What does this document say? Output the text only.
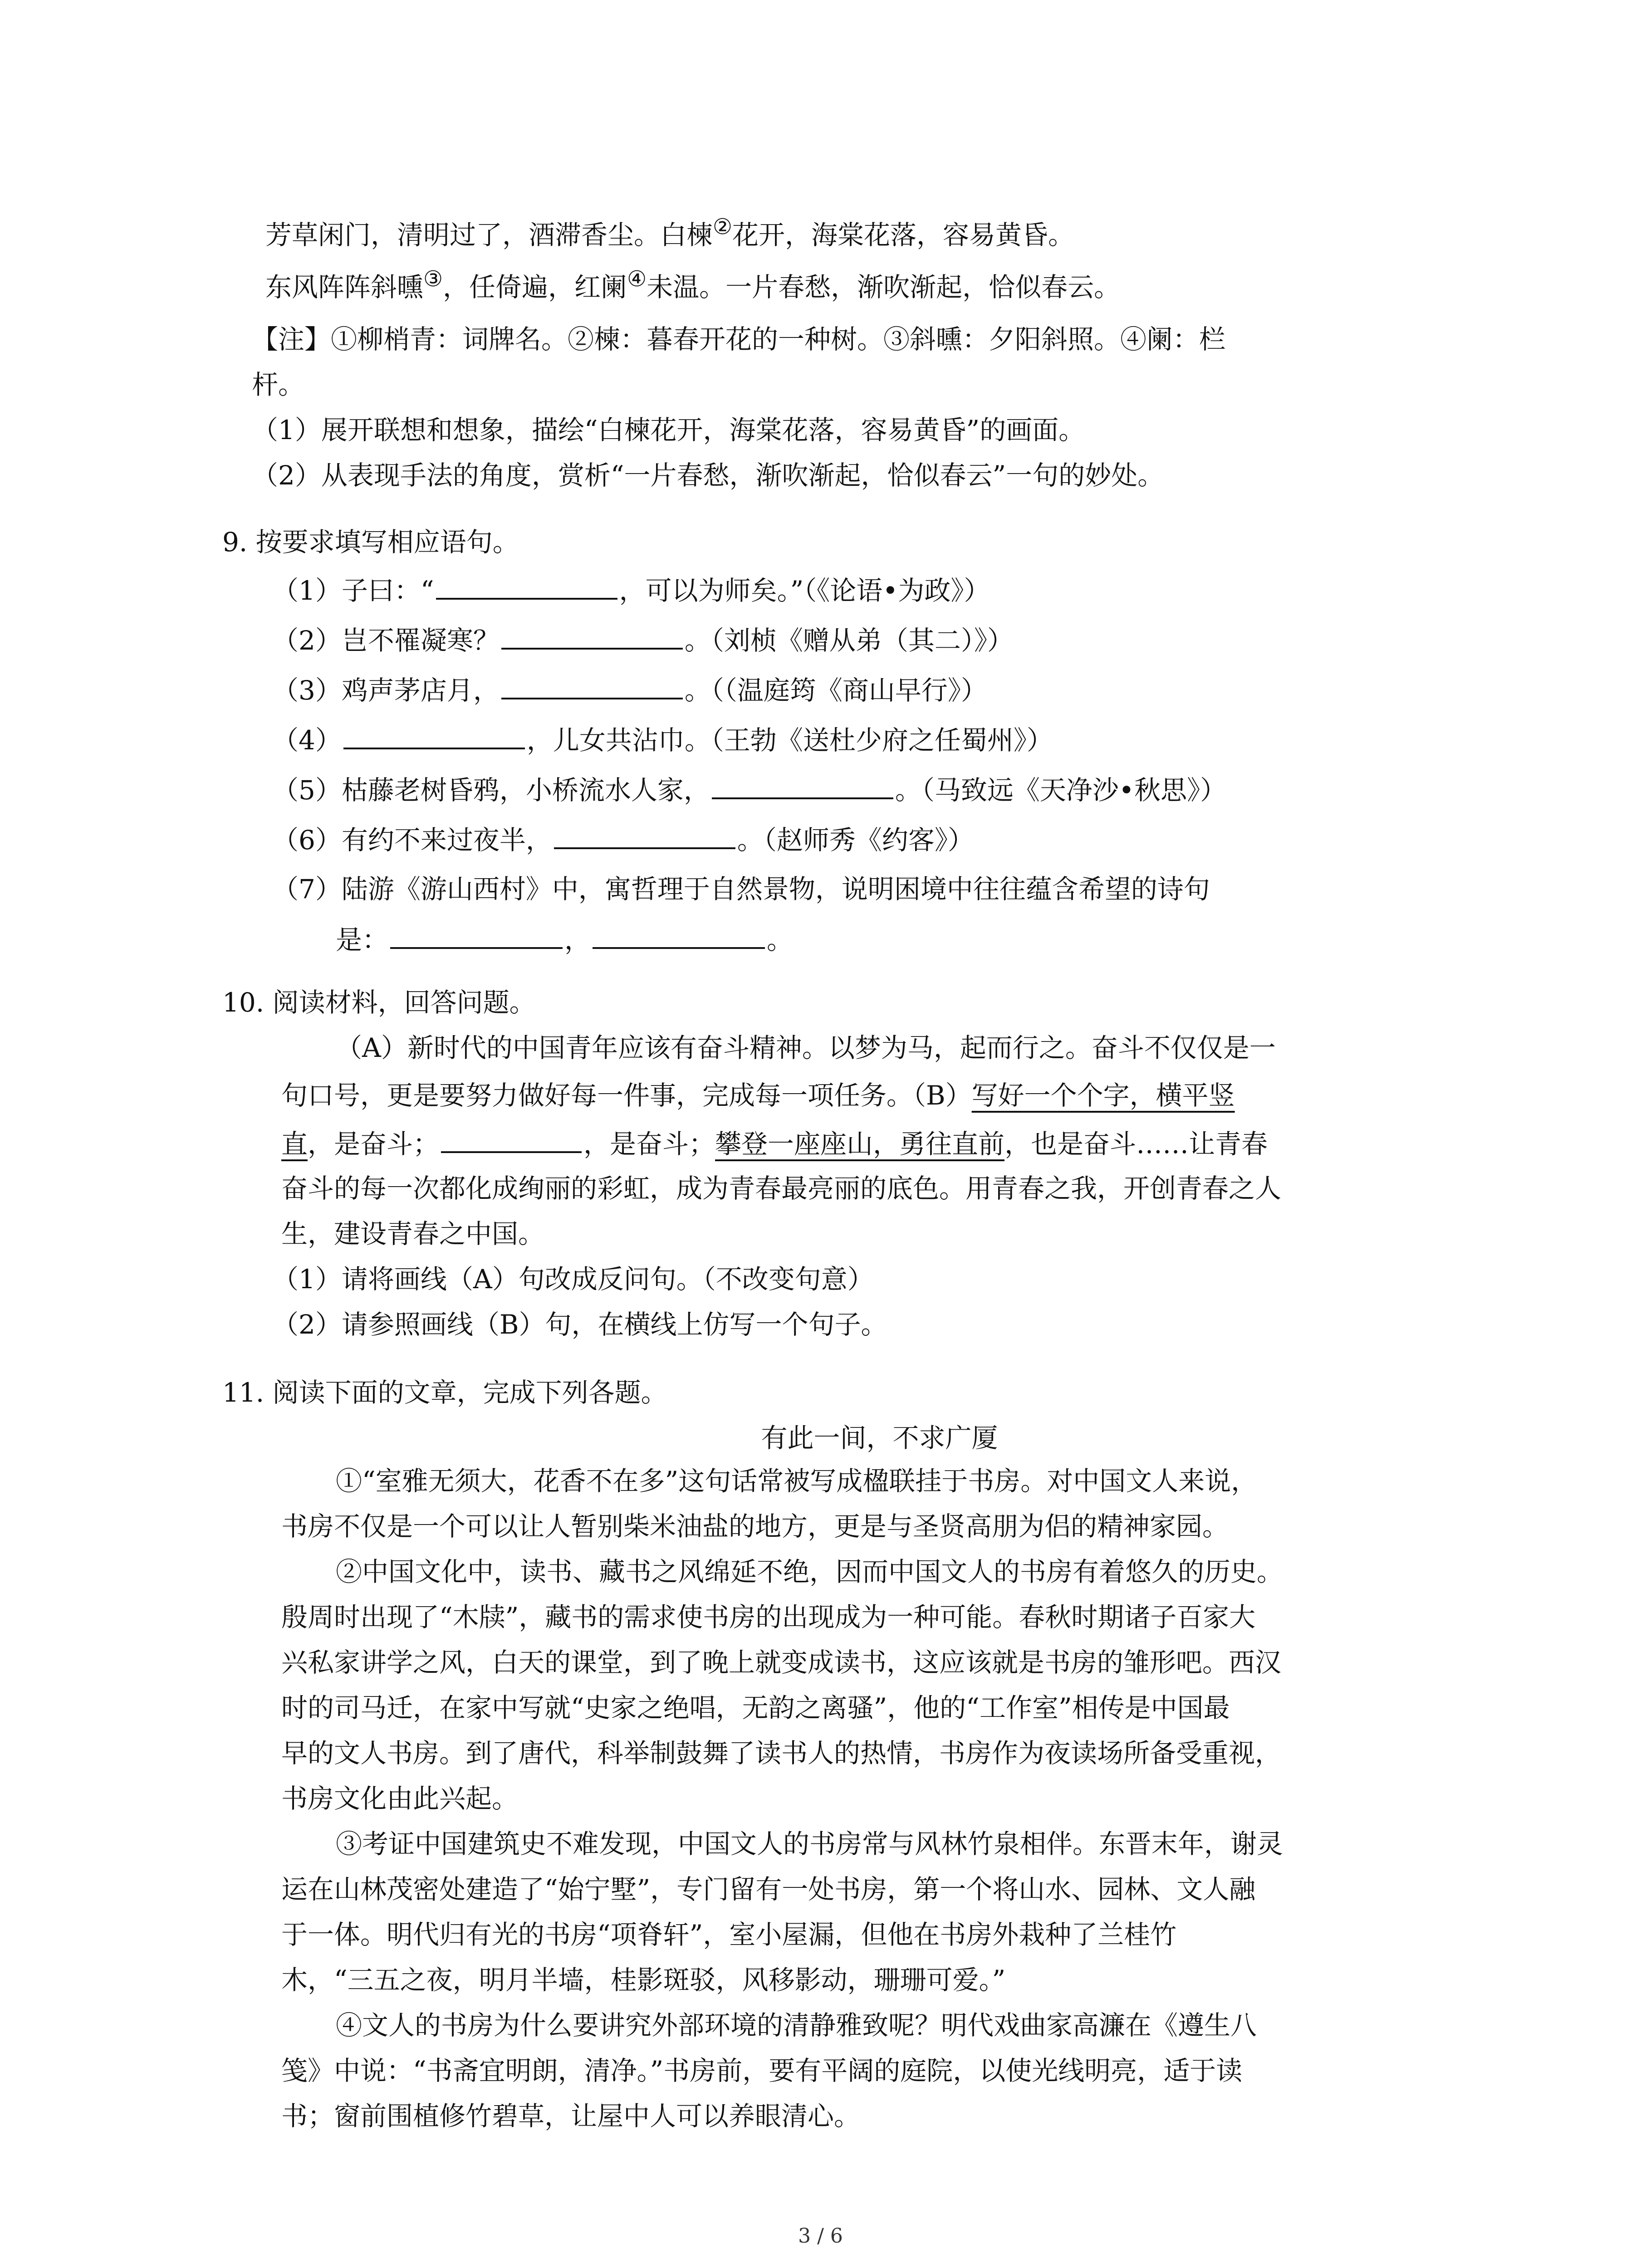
芳草闲门，清明过了，酒滞香尘。白楝②花开，海棠花落，容易黄昏。
东风阵阵斜曛③，任倚遍，红阑④未温。一片春愁，渐吹渐起，恰似春云。
【注】①柳梢青：词牌名。②楝：暮春开花的一种树。③斜曛：夕阳斜照。④阑：栏
杆。
（1）展开联想和想象，描绘“白楝花开，海棠花落，容易黄昏”的画面。
（2）从表现手法的角度，赏析“一片春愁，渐吹渐起，恰似春云”一句的妙处。
9. 按要求填写相应语句。
（1）子曰：“	，可以为师矣。”（《论语•为政》）
（2）岂不罹凝寒？	。（刘桢《赠从弟（其二）》）
（3）鸡声茅店月，	。（（温庭筠《商山早行》）
（4）	，儿女共沾巾。（王勃《送杜少府之任蜀州》）
（5）枯藤老树昏鸦，小桥流水人家，	。（马致远《天净沙•秋思》）
（6）有约不来过夜半，	。（赵师秀《约客》）
（7）陆游《游山西村》中，寓哲理于自然景物，说明困境中往往蕴含希望的诗句
是：	，	。
10. 阅读材料，回答问题。
（A）新时代的中国青年应该有奋斗精神。以梦为马，起而行之。奋斗不仅仅是一
句口号，更是要努力做好每一件事，完成每一项任务。（B）写好一个个字，横平竖
直，是奋斗；	，是奋斗；攀登一座座山，勇往直前，也是奋斗……让青春
奋斗的每一次都化成绚丽的彩虹，成为青春最亮丽的底色。用青春之我，开创青春之人
生，建设青春之中国。
（1）请将画线（A）句改成反问句。（不改变句意）
（2）请参照画线（B）句，在横线上仿写一个句子。
11. 阅读下面的文章，完成下列各题。
有此一间，不求广厦
①“室雅无须大，花香不在多”这句话常被写成楹联挂于书房。对中国文人来说，
书房不仅是一个可以让人暂别柴米油盐的地方，更是与圣贤高朋为侣的精神家园。
②中国文化中，读书、藏书之风绵延不绝，因而中国文人的书房有着悠久的历史。
殷周时出现了“木牍”，藏书的需求使书房的出现成为一种可能。春秋时期诸子百家大
兴私家讲学之风，白天的课堂，到了晚上就变成读书，这应该就是书房的雏形吧。西汉
时的司马迁，在家中写就“史家之绝唱，无韵之离骚”，他的“工作室”相传是中国最
早的文人书房。到了唐代，科举制鼓舞了读书人的热情，书房作为夜读场所备受重视，
书房文化由此兴起。
③考证中国建筑史不难发现，中国文人的书房常与风林竹泉相伴。东晋末年，谢灵
运在山林茂密处建造了“始宁墅”，专门留有一处书房，第一个将山水、园林、文人融
于一体。明代归有光的书房“项脊轩”，室小屋漏，但他在书房外栽种了兰桂竹
木，“三五之夜，明月半墙，桂影斑驳，风移影动，珊珊可爱。”
④文人的书房为什么要讲究外部环境的清静雅致呢？明代戏曲家高濂在《遵生八
笺》中说：“书斋宜明朗，清净。”书房前，要有平阔的庭院，以使光线明亮，适于读
书；窗前围植修竹碧草，让屋中人可以养眼清心。
3 / 6
